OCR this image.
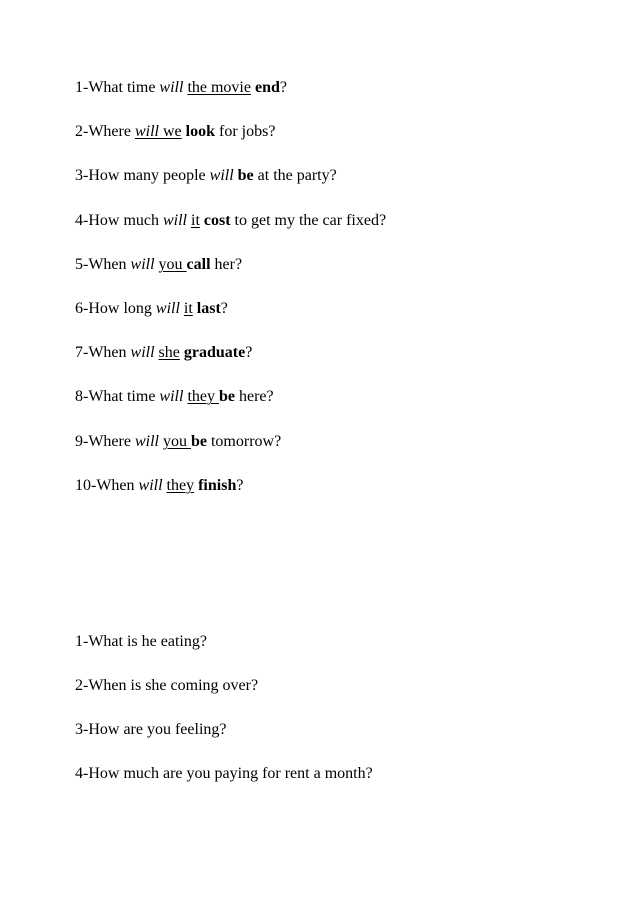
1-What time will the movie end?
2-Where will we look for jobs?
3-How many people will be at the party?
4-How much will it cost to get my the car fixed?
5-When will you call her?
6-How long will it last?
7-When will she graduate?
8-What time will they be here?
9-Where will you be tomorrow?
10-When will they finish?
1-What is he eating?
2-When is she coming over?
3-How are you feeling?
4-How much are you paying for rent a month?
